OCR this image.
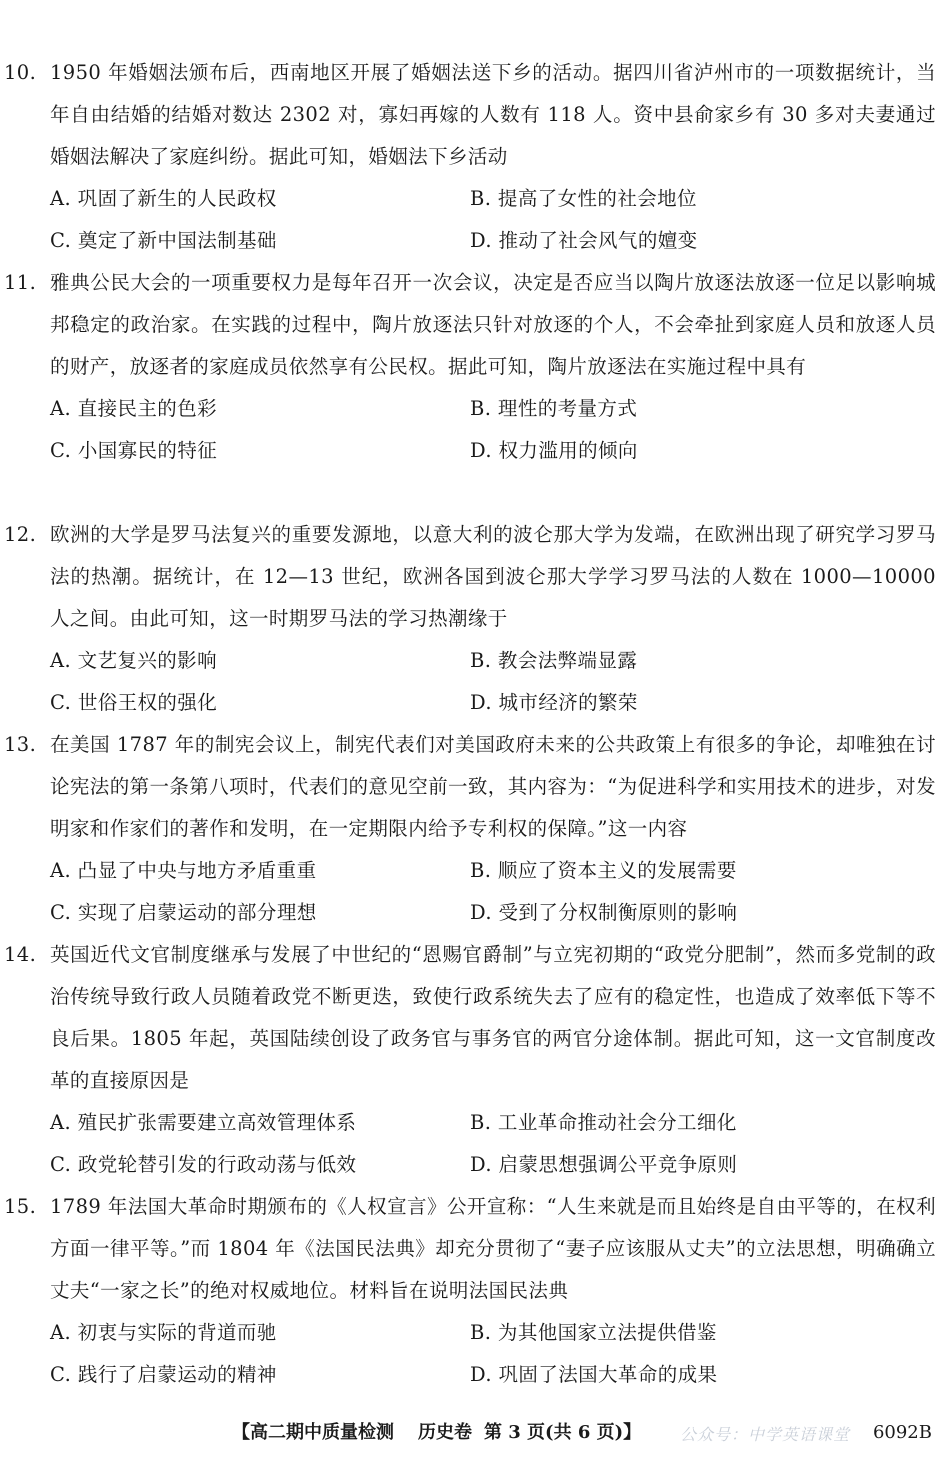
10. 1950 年婚姻法颁布后，西南地区开展了婚姻法送下乡的活动。据四川省泸州市的一项数据统计，当年自由结婚的结婚对数达 2302 对，寡妇再嫁的人数有 118 人。资中县俞家乡有 30 多对夫妻通过婚姻法解决了家庭纠纷。据此可知，婚姻法下乡活动
A. 巩固了新生的人民政权	B. 提高了女性的社会地位
C. 奠定了新中国法制基础	D. 推动了社会风气的嬗变
11. 雅典公民大会的一项重要权力是每年召开一次会议，决定是否应当以陶片放逐法放逐一位足以影响城邦稳定的政治家。在实践的过程中，陶片放逐法只针对放逐的个人，不会牵扯到家庭人员和放逐人员的财产，放逐者的家庭成员依然享有公民权。据此可知，陶片放逐法在实施过程中具有
A. 直接民主的色彩	B. 理性的考量方式
C. 小国寡民的特征	D. 权力滥用的倾向
12. 欧洲的大学是罗马法复兴的重要发源地，以意大利的波仑那大学为发端，在欧洲出现了研究学习罗马法的热潮。据统计，在 12—13 世纪，欧洲各国到波仑那大学学习罗马法的人数在 1000—10000 人之间。由此可知，这一时期罗马法的学习热潮缘于
A. 文艺复兴的影响	B. 教会法弊端显露
C. 世俗王权的强化	D. 城市经济的繁荣
13. 在美国 1787 年的制宪会议上，制宪代表们对美国政府未来的公共政策上有很多的争论，却唯独在讨论宪法的第一条第八项时，代表们的意见空前一致，其内容为：“为促进科学和实用技术的进步，对发明家和作家们的著作和发明，在一定期限内给予专利权的保障。”这一内容
A. 凸显了中央与地方矛盾重重	B. 顺应了资本主义的发展需要
C. 实现了启蒙运动的部分理想	D. 受到了分权制衡原则的影响
14. 英国近代文官制度继承与发展了中世纪的“恩赐官爵制”与立宪初期的“政党分肥制”，然而多党制的政治传统导致行政人员随着政党不断更迭，致使行政系统失去了应有的稳定性，也造成了效率低下等不良后果。1805 年起，英国陆续创设了政务官与事务官的两官分途体制。据此可知，这一文官制度改革的直接原因是
A. 殖民扩张需要建立高效管理体系	B. 工业革命推动社会分工细化
C. 政党轮替引发的行政动荡与低效	D. 启蒙思想强调公平竞争原则
15. 1789 年法国大革命时期颁布的《人权宣言》公开宣称：“人生来就是而且始终是自由平等的，在权利方面一律平等。”而 1804 年《法国民法典》却充分贯彻了“妻子应该服从丈夫”的立法思想，明确确立丈夫“一家之长”的绝对权威地位。材料旨在说明法国民法典
A. 初衷与实际的背道而驰	B. 为其他国家立法提供借鉴
C. 践行了启蒙运动的精神	D. 巩固了法国大革命的成果
【高二期中质量检测 历史卷 第 3 页(共 6 页)】 公众号：中学英语课堂 6092B
